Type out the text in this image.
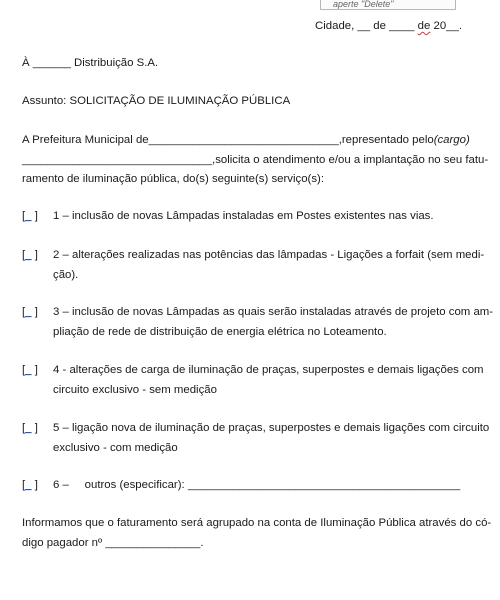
aperte "Delete"
Cidade, __ de ____ de 20__.
À ______ Distribuição S.A.
Assunto: SOLICITAÇÃO DE ILUMINAÇÃO PÚBLICA
A Prefeitura Municipal de ______________________________, representado pelo (cargo)
______________________________, solicita o atendimento e/ou a implantação no seu fatu-
ramento de iluminação pública, do(s) seguinte(s) serviço(s):
[_ ]	1 – inclusão de novas Lâmpadas instaladas em Postes existentes nas vias.
[_ ]	2 – alterações realizadas nas potências das lâmpadas - Ligações a forfait (sem medi-
ção).
[_ ]	3 – inclusão de novas Lâmpadas as quais serão instaladas através de projeto com am-
pliação de rede de distribuição de energia elétrica no Loteamento.
[_ ]	4 - alterações de carga de iluminação de praças, superpostes e demais ligações com
circuito exclusivo - sem medição
[_ ]	5 – ligação nova de iluminação de praças, superpostes e demais ligações com circuito
exclusivo - com medição
[_ ]	6 –     outros (especificar): ___________________________________________
Informamos que o faturamento será agrupado na conta de Iluminação Pública através do có-
digo pagador nº _______________.
